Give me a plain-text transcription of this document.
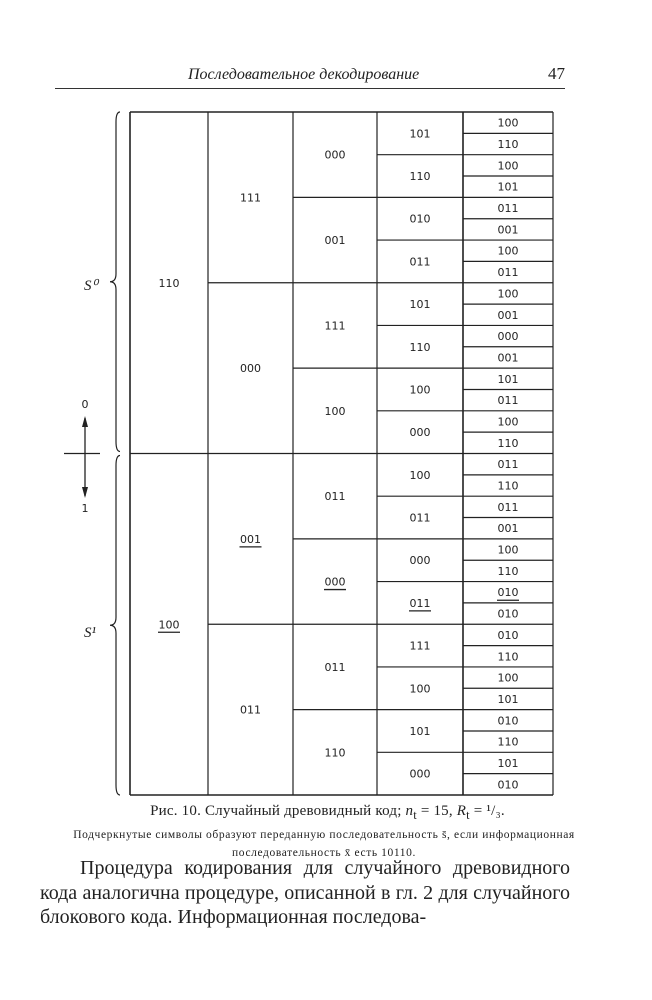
Последовательное декодирование	47
110
111
000
101
100
110
110
100
101
001
010
011
001
011
100
011
000
111
101
100
001
110
000
001
100
100
101
011
000
100
110
100
001
011
100
011
110
011
011
001
000
000
100
110
011
010
010
011
011
111
010
110
100
100
101
110
101
010
110
000
101
010
S⁰
S¹
0
1
Рис. 10. Случайный древовидный код; $n_t = 15$, $R_t = ^1/_3$.
Подчеркнутые символы образуют переданную последовательность s̄, если информационная последовательность x̄ есть 10110.
Процедура кодирования для случайного древовидного кода аналогична процедуре, описанной в гл. 2 для случайного блокового кода. Информационная последова-
